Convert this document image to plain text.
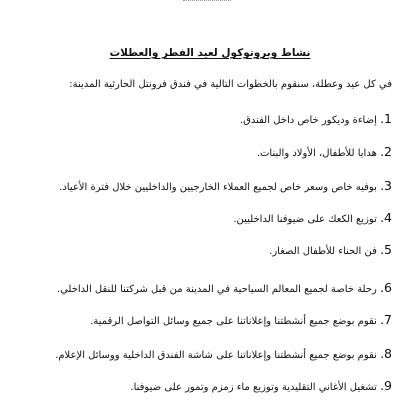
نشاط وبروتوكول لعيد الفطر والعطلات
في كل عيد وعطلة، سنقوم بالخطوات التالية في فندق فرونتل الحارثية المدينة:
1. إضاءة وديكور خاص داخل الفندق.
2. هدايا للأطفال، الأولاد والبنات.
3. بوفيه خاص وسعر خاص لجميع العملاء الخارجيين والداخليين خلال فترة الأعياد.
4. توزيع الكعك على ضيوفنا الداخليين.
5. فن الحناء للأطفال الصغار.
6. رحلة خاصة لجميع المعالم السياحية في المدينة من قبل شركتنا للنقل الداخلي.
7. نقوم بوضع جميع أنشطتنا وإعلاناتنا على جميع وسائل التواصل الرقمية.
8. نقوم بوضع جميع أنشطتنا وإعلاناتنا على شاشة الفندق الداخلية ووسائل الإعلام.
9. تشغيل الأغاني التقليدية وتوزيع ماء زمزم وتمور على ضيوفنا.
